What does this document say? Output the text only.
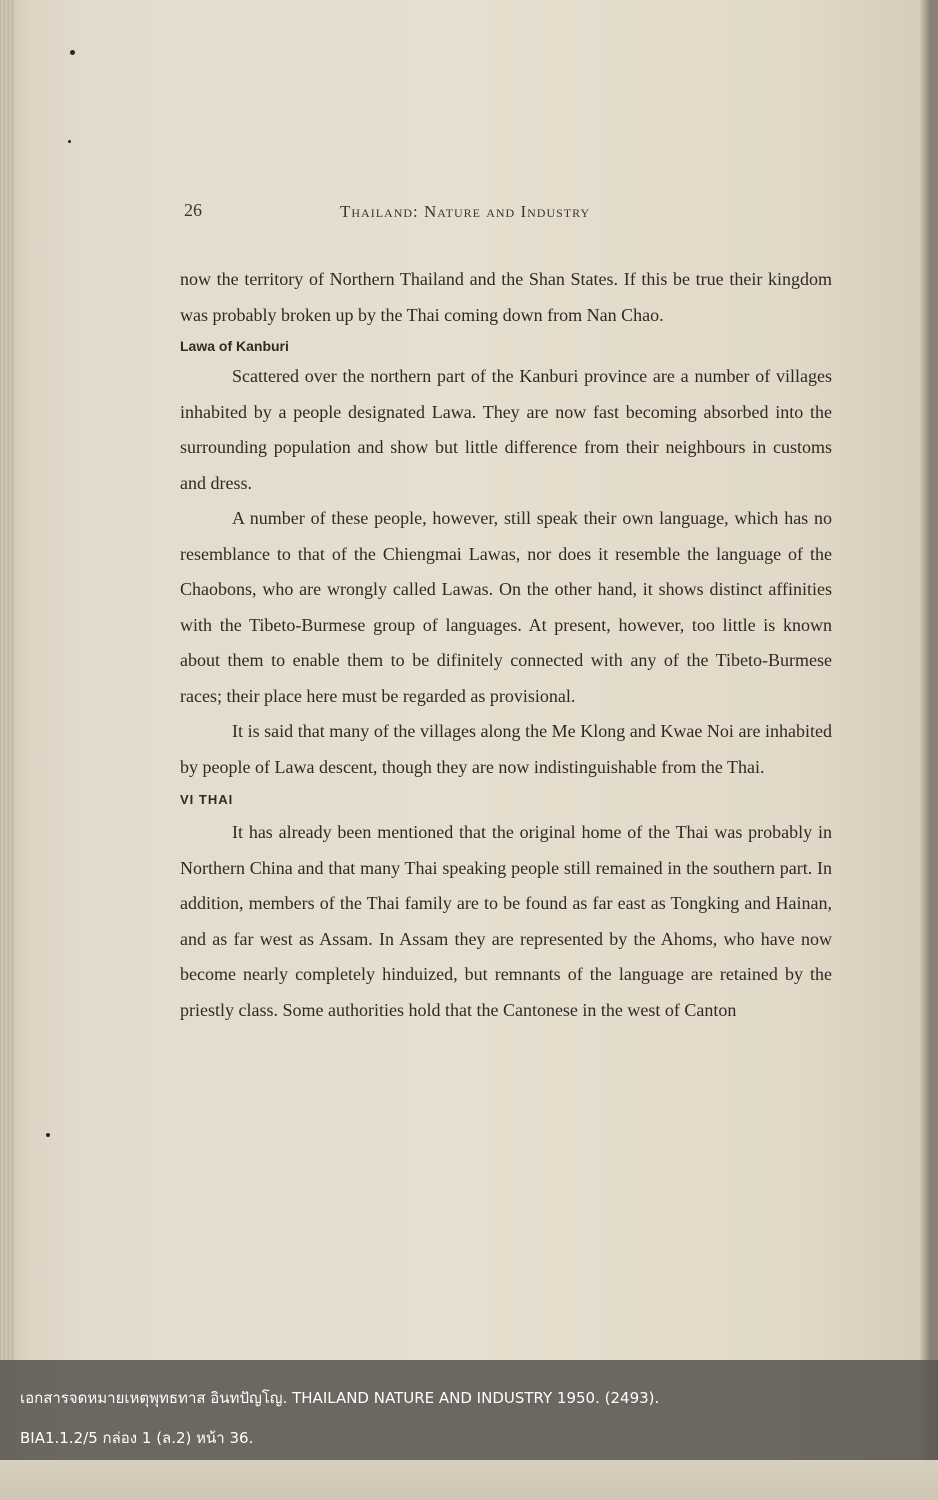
26	Thailand: Nature and Industry

now the territory of Northern Thailand and the Shan States. If this be true their kingdom was probably broken up by the Thai coming down from Nan Chao.

Lawa of Kanburi

Scattered over the northern part of the Kanburi province are a number of villages inhabited by a people designated Lawa. They are now fast becoming absorbed into the surrounding population and show but little difference from their neighbours in customs and dress.

A number of these people, however, still speak their own language, which has no resemblance to that of the Chiengmai Lawas, nor does it resemble the language of the Chaobons, who are wrongly called Lawas. On the other hand, it shows distinct affinities with the Tibeto-Burmese group of languages. At present, however, too little is known about them to enable them to be difinitely connected with any of the Tibeto-Burmese races; their place here must be regarded as provisional.

It is said that many of the villages along the Me Klong and Kwae Noi are inhabited by people of Lawa descent, though they are now indistinguishable from the Thai.

VI THAI

It has already been mentioned that the original home of the Thai was probably in Northern China and that many Thai speaking people still remained in the southern part. In addition, members of the Thai family are to be found as far east as Tongking and Hainan, and as far west as Assam. In Assam they are represented by the Ahoms, who have now become nearly completely hinduized, but remnants of the language are retained by the priestly class. Some authorities hold that the Cantonese in the west of Canton

เอกสารจดหมายเหตุพุทธทาส อินทปัญโญ. THAILAND NATURE AND INDUSTRY 1950. (2493).
BIA1.1.2/5 กล่อง 1 (ล.2) หน้า 36.
